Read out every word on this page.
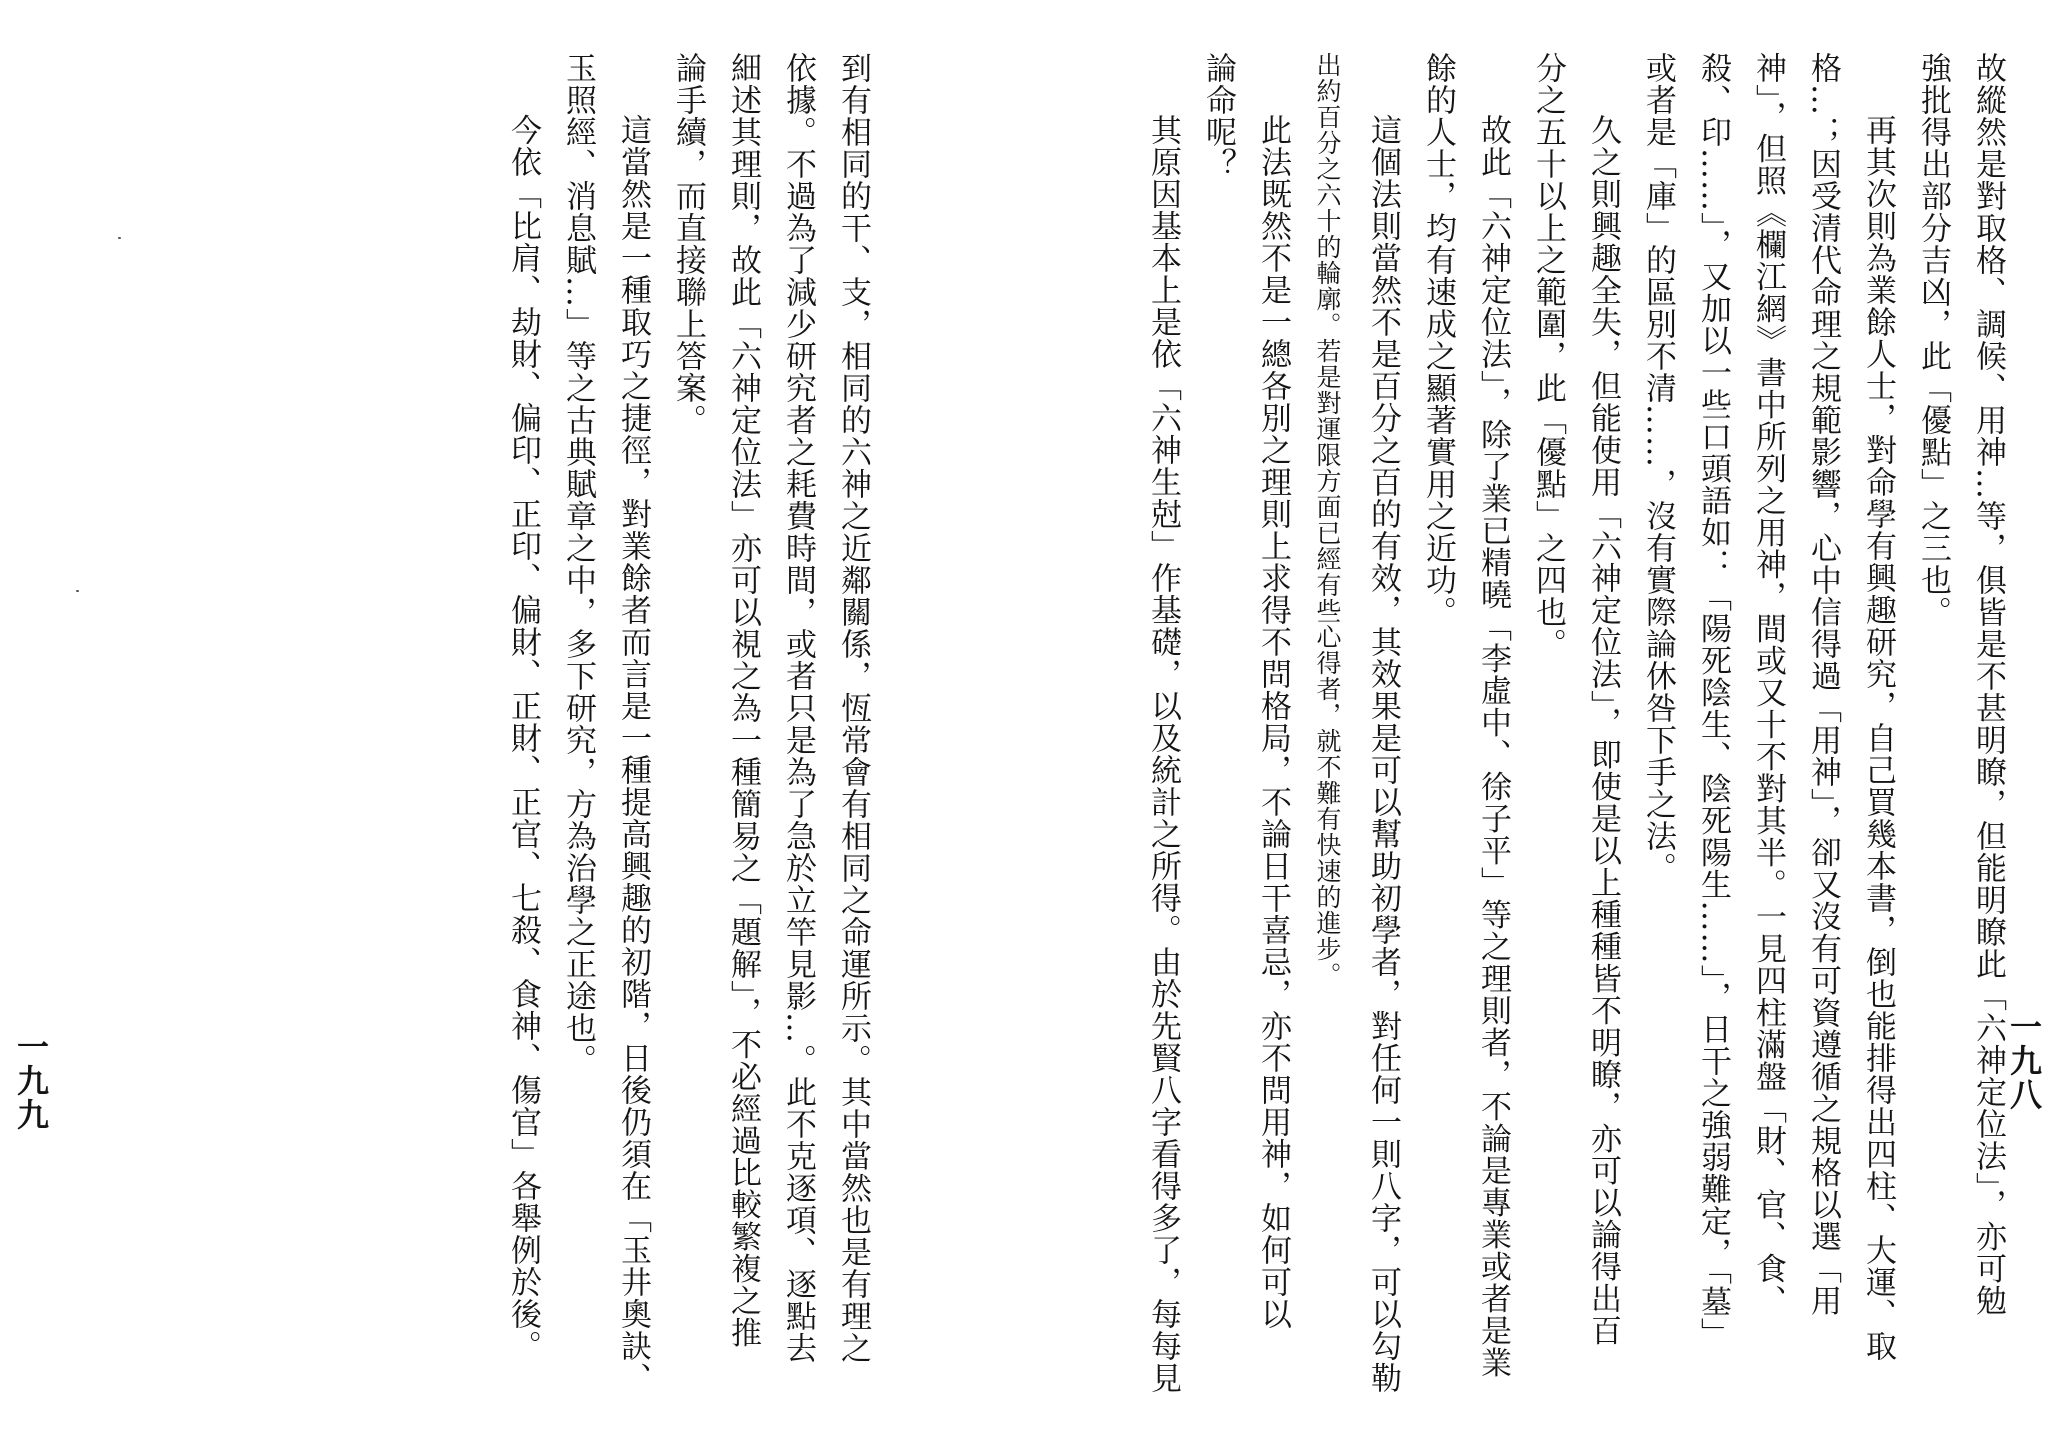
故縱然是對取格、調候、用神…等，俱皆是不甚明瞭，但能明瞭此「六神定位法」，亦可勉
強批得出部分吉凶，此「優點」之三也。
再其次則為業餘人士，對命學有興趣研究，自己買幾本書，倒也能排得出四柱、大運、取
格…；因受清代命理之規範影響，心中信得過「用神」，卻又沒有可資遵循之規格以選「用
神」，但照《欄江網》書中所列之用神，間或又十不對其半。一見四柱滿盤「財、官、食、
殺、印……」，又加以一些口頭語如：「陽死陰生、陰死陽生……」，日干之強弱難定，「墓」
或者是「庫」的區別不清……，沒有實際論休咎下手之法。
久之則興趣全失，但能使用「六神定位法」，即使是以上種種皆不明瞭，亦可以論得出百
分之五十以上之範圍，此「優點」之四也。
故此「六神定位法」，除了業已精曉「李虛中、徐子平」等之理則者，不論是專業或者是業
餘的人士，均有速成之顯著實用之近功。
這個法則當然不是百分之百的有效，其效果是可以幫助初學者，對任何一則八字，可以勾勒
出約百分之六十的輪廓。若是對運限方面已經有些心得者，就不難有快速的進步。
此法既然不是一總各別之理則上求得不問格局，不論日干喜忌，亦不問用神，如何可以
論命呢？
其原因基本上是依「六神生尅」作基礎，以及統計之所得。由於先賢八字看得多了，每每見	一九八
到有相同的干、支，相同的六神之近鄰關係，恆常會有相同之命運所示。其中當然也是有理之
依據。不過為了減少研究者之耗費時間，或者只是為了急於立竿見影…。此不克逐項、逐點去
細述其理則，故此「六神定位法」亦可以視之為一種簡易之「題解」，不必經過比較繁複之推
論手續，而直接聯上答案。
這當然是一種取巧之捷徑，對業餘者而言是一種提高興趣的初階，日後仍須在「玉井奧訣、
玉照經、消息賦…」等之古典賦章之中，多下研究，方為治學之正途也。
今依「比肩、劫財、偏印、正印、偏財、正財、正官、七殺、食神、傷官」各舉例於後。
一九九
